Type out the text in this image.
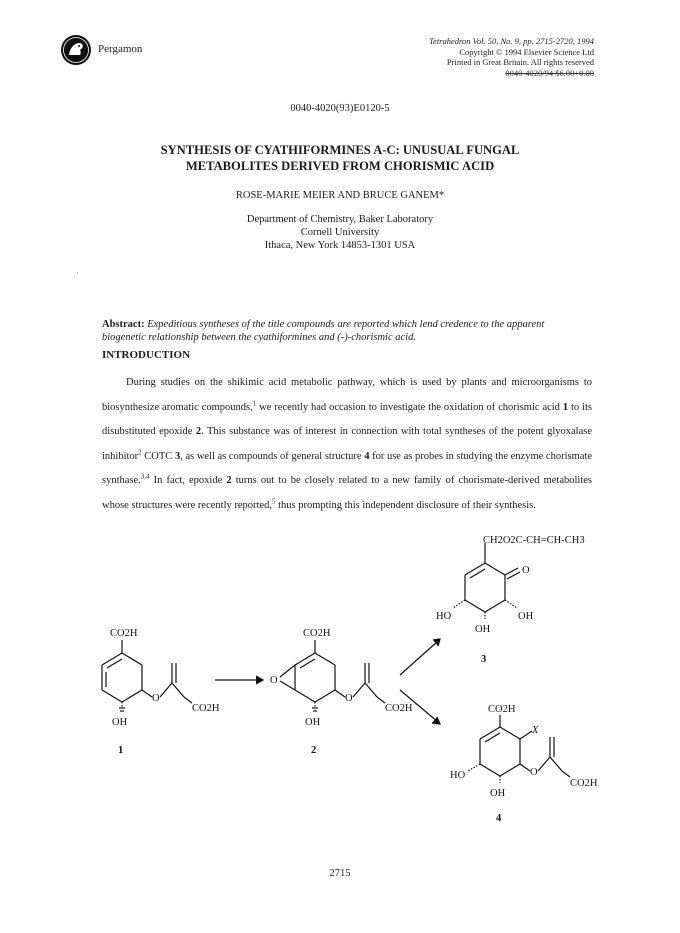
Pergamon
Tetrahedron Vol. 50, No. 9, pp. 2715-2720, 1994
Copyright © 1994 Elsevier Science Ltd
Printed in Great Britain. All rights reserved
0040-4020/94 $6.00+0.00
0040-4020(93)E0120-5
SYNTHESIS OF CYATHIFORMINES A-C: UNUSUAL FUNGAL
METABOLITES DERIVED FROM CHORISMIC ACID
ROSE-MARIE MEIER AND BRUCE GANEM*
Department of Chemistry, Baker Laboratory
Cornell University
Ithaca, New York 14853-1301 USA
·
Abstract: Expeditious syntheses of the title compounds are reported which lend credence to the apparent biogenetic relationship between the cyathiformines and (-)-chorismic acid.
INTRODUCTION

During studies on the shikimic acid metabolic pathway, which is used by plants and microorganisms to biosynthesize aromatic compounds,$^1$ we recently had occasion to investigate the oxidation of chorismic acid 1 to its disubstituted epoxide 2. This substance was of interest in connection with total syntheses of the potent glyoxalase inhibitor$^2$ COTC 3, as well as compounds of general structure 4 for use as probes in studying the enzyme chorismate synthase.$^{3,4}$ In fact, epoxide 2 turns out to be closely related to a new family of chorismate-derived metabolites whose structures were recently reported,$^5$ thus prompting this independent disclosure of their synthesis.

CO2H
O
CO2H
OH
1
CO2H
O
O
CO2H
OH
2
CH2O2C-CH=CH-CH3
O
OH
HO
OH
3
CO2H
X
O
CO2H
HO
OH
4
2715
